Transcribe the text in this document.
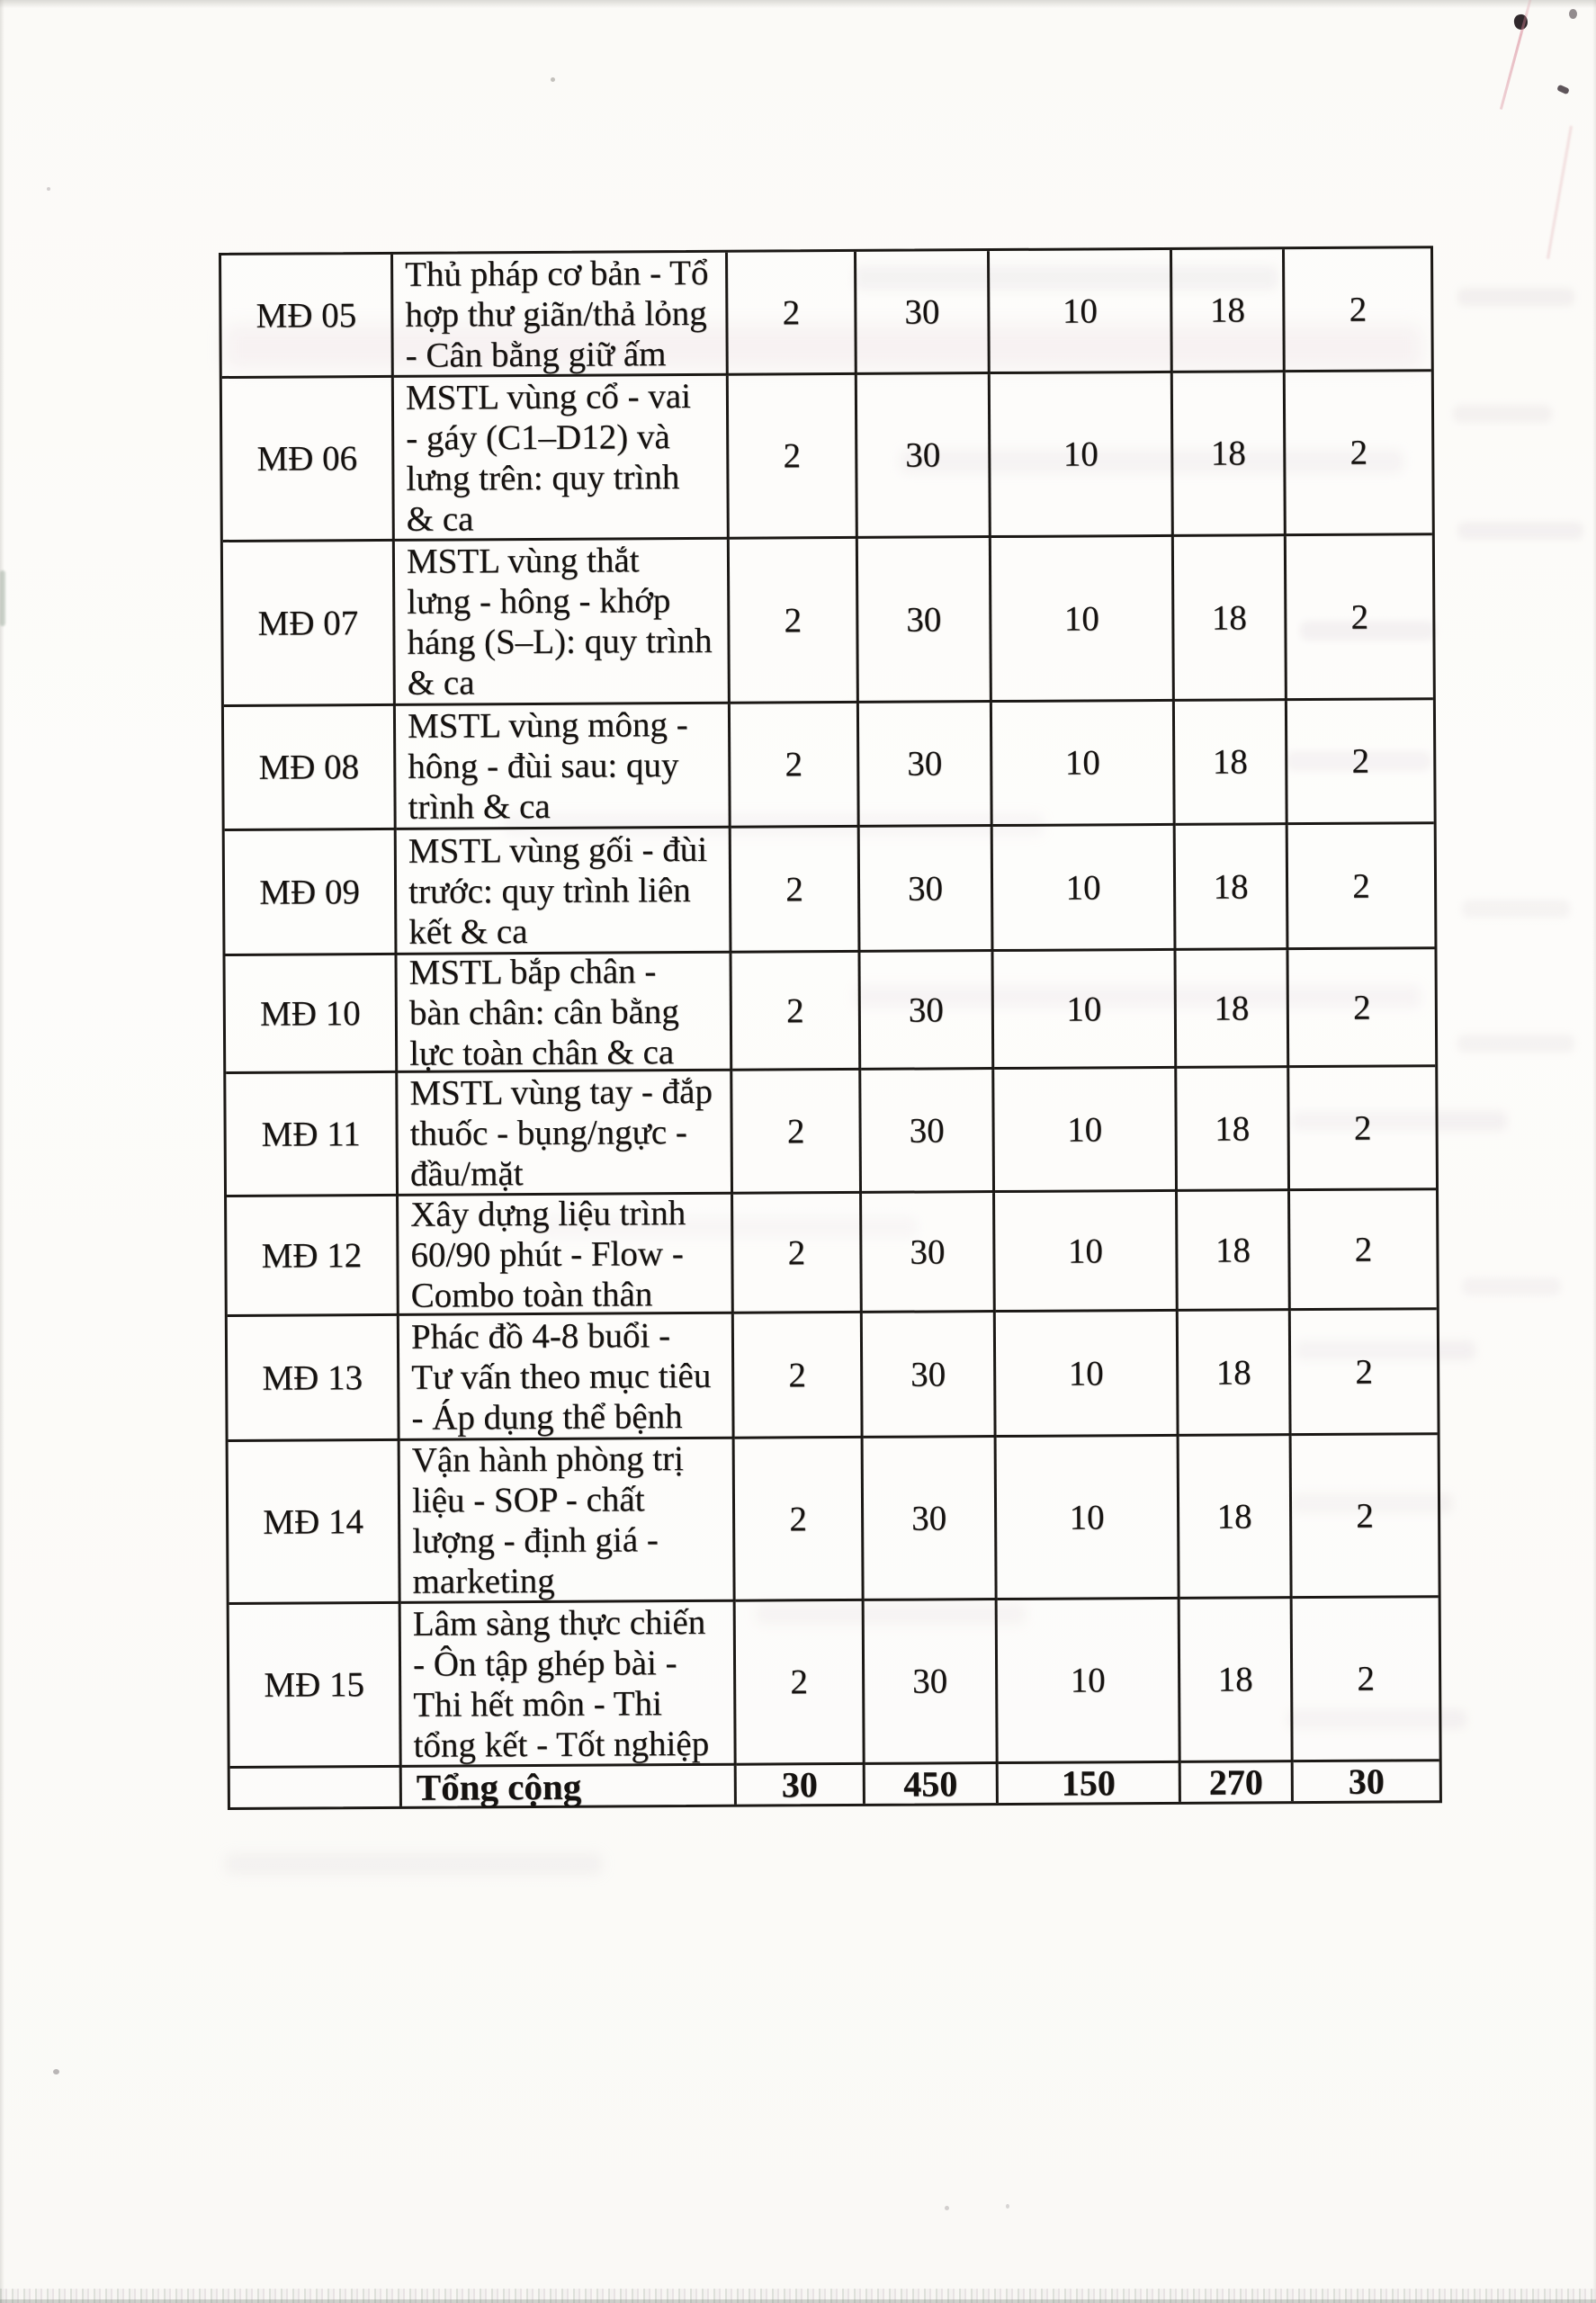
MĐ 05
Thủ pháp cơ bản - Tổ
hợp thư giãn/thả lỏng
- Cân bằng giữ ấm
2	30	10	18	2
MĐ 06
MSTL vùng cổ - vai
- gáy (C1–D12) và
lưng trên: quy trình
& ca
2	30	10	18	2
MĐ 07
MSTL vùng thắt
lưng - hông - khớp
háng (S–L): quy trình
& ca
2	30	10	18	2
MĐ 08
MSTL vùng mông -
hông - đùi sau: quy
trình & ca
2	30	10	18	2
MĐ 09
MSTL vùng gối - đùi
trước: quy trình liên
kết & ca
2	30	10	18	2
MĐ 10
MSTL bắp chân -
bàn chân: cân bằng
lực toàn chân & ca
2	30	10	18	2
MĐ 11
MSTL vùng tay - đắp
thuốc - bụng/ngực -
đầu/mặt
2	30	10	18	2
MĐ 12
Xây dựng liệu trình
60/90 phút - Flow -
Combo toàn thân
2	30	10	18	2
MĐ 13
Phác đồ 4-8 buổi -
Tư vấn theo mục tiêu
- Áp dụng thể bệnh
2	30	10	18	2
MĐ 14
Vận hành phòng trị
liệu - SOP - chất
lượng - định giá -
marketing
2	30	10	18	2
MĐ 15
Lâm sàng thực chiến
- Ôn tập ghép bài -
Thi hết môn - Thi
tổng kết - Tốt nghiệp
2	30	10	18	2
Tổng cộng	30	450	150	270	30
